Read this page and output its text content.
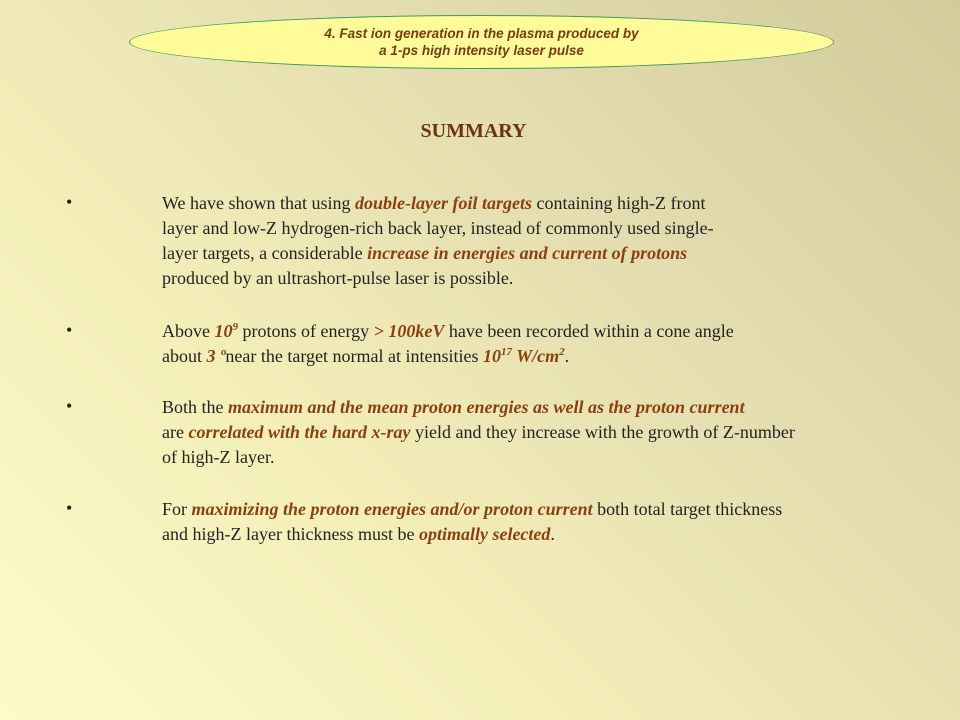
4. Fast ion generation in the plasma produced by
a 1-ps high intensity laser pulse
SUMMARY
•	We have shown that using double-layer foil targets containing high-Z front
layer and low-Z hydrogen-rich back layer, instead of commonly used single-
layer targets, a considerable increase in energies and current of protons
produced by an ultrashort-pulse laser is possible.
•	Above $10^9$ protons of energy > 100keV have been recorded within a cone angle
about 3 ºnear the target normal at intensities $10^{17}$ $W/cm^2$.
•	Both the maximum and the mean proton energies as well as the proton current
are correlated with the hard x-ray yield and they increase with the growth of Z-number
of high-Z layer.
•	For maximizing the proton energies and/or proton current both total target thickness
and high-Z layer thickness must be optimally selected.
